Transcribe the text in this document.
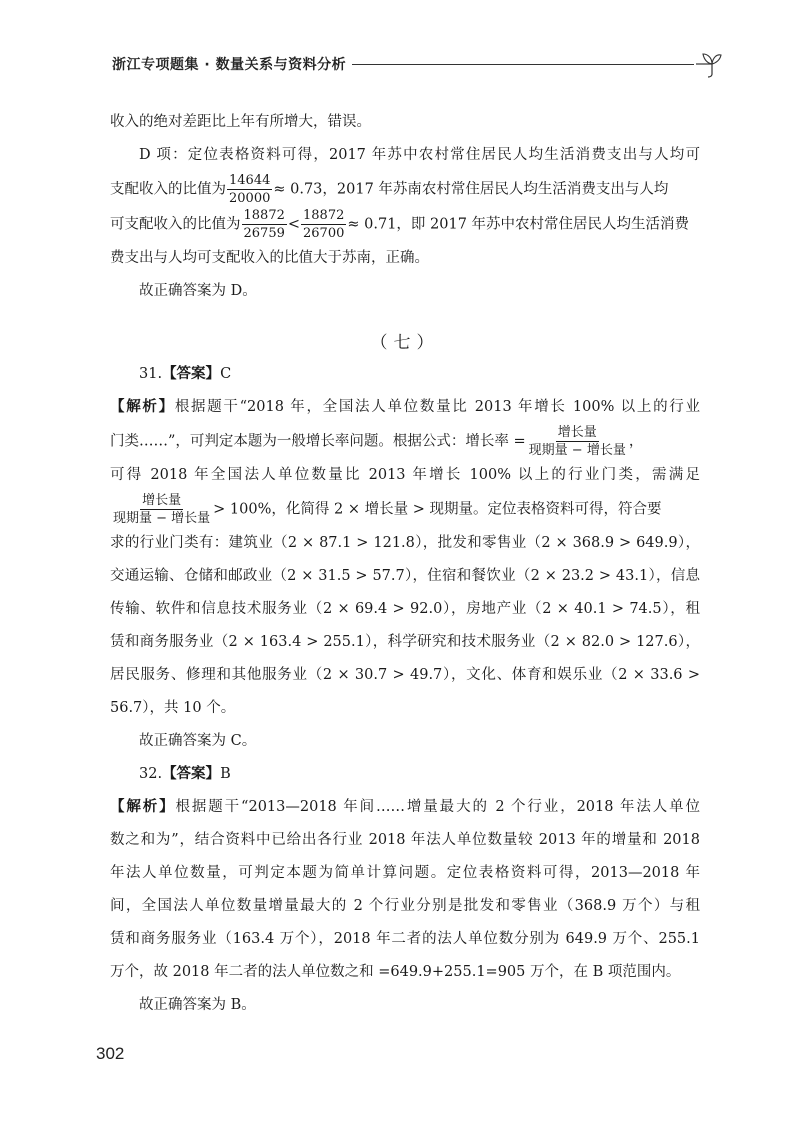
浙江专项题集 · 数量关系与资料分析

收入的绝对差距比上年有所增大，错误。

D 项：定位表格资料可得，2017 年苏中农村常住居民人均生活消费支出与人均可

支配收入的比值为 $\frac{14644}{20000} \approx 0.73$，2017 年苏南农村常住居民人均生活消费支出与人均

可支配收入的比值为 $\frac{18872}{26759} < \frac{18872}{26700} \approx 0.71$，即 2017 年苏中农村常住居民人均生活消费

费支出与人均可支配收入的比值大于苏南，正确。

故正确答案为 D。

（七）

31.【答案】C

【解析】根据题干“2018 年，全国法人单位数量比 2013 年增长 100% 以上的行业

门类……”，可判定本题为一般增长率问题。根据公式：增长率 = $\frac{\text{增长量}}{\text{现期量 − 增长量}}$ ，

可得 2018 年全国法人单位数量比 2013 年增长 100% 以上的行业门类，需满足

$\frac{\text{增长量}}{\text{现期量 − 增长量}} > 100\%$，化简得 2 × 增长量 > 现期量。定位表格资料可得，符合要

求的行业门类有：建筑业（2 × 87.1 > 121.8），批发和零售业（2 × 368.9 > 649.9），

交通运输、仓储和邮政业（2 × 31.5 > 57.7），住宿和餐饮业（2 × 23.2 > 43.1），信息

传输、软件和信息技术服务业（2 × 69.4 > 92.0），房地产业（2 × 40.1 > 74.5），租

赁和商务服务业（2 × 163.4 > 255.1），科学研究和技术服务业（2 × 82.0 > 127.6），

居民服务、修理和其他服务业（2 × 30.7 > 49.7），文化、体育和娱乐业（2 × 33.6 >

56.7），共 10 个。

故正确答案为 C。

32.【答案】B

【解析】根据题干“2013—2018 年间……增量最大的 2 个行业，2018 年法人单位

数之和为”，结合资料中已给出各行业 2018 年法人单位数量较 2013 年的增量和 2018

年法人单位数量，可判定本题为简单计算问题。定位表格资料可得，2013—2018 年

间，全国法人单位数量增量最大的 2 个行业分别是批发和零售业（368.9 万个）与租

赁和商务服务业（163.4 万个），2018 年二者的法人单位数分别为 649.9 万个、255.1

万个，故 2018 年二者的法人单位数之和 =649.9+255.1=905 万个，在 B 项范围内。

故正确答案为 B。

302
